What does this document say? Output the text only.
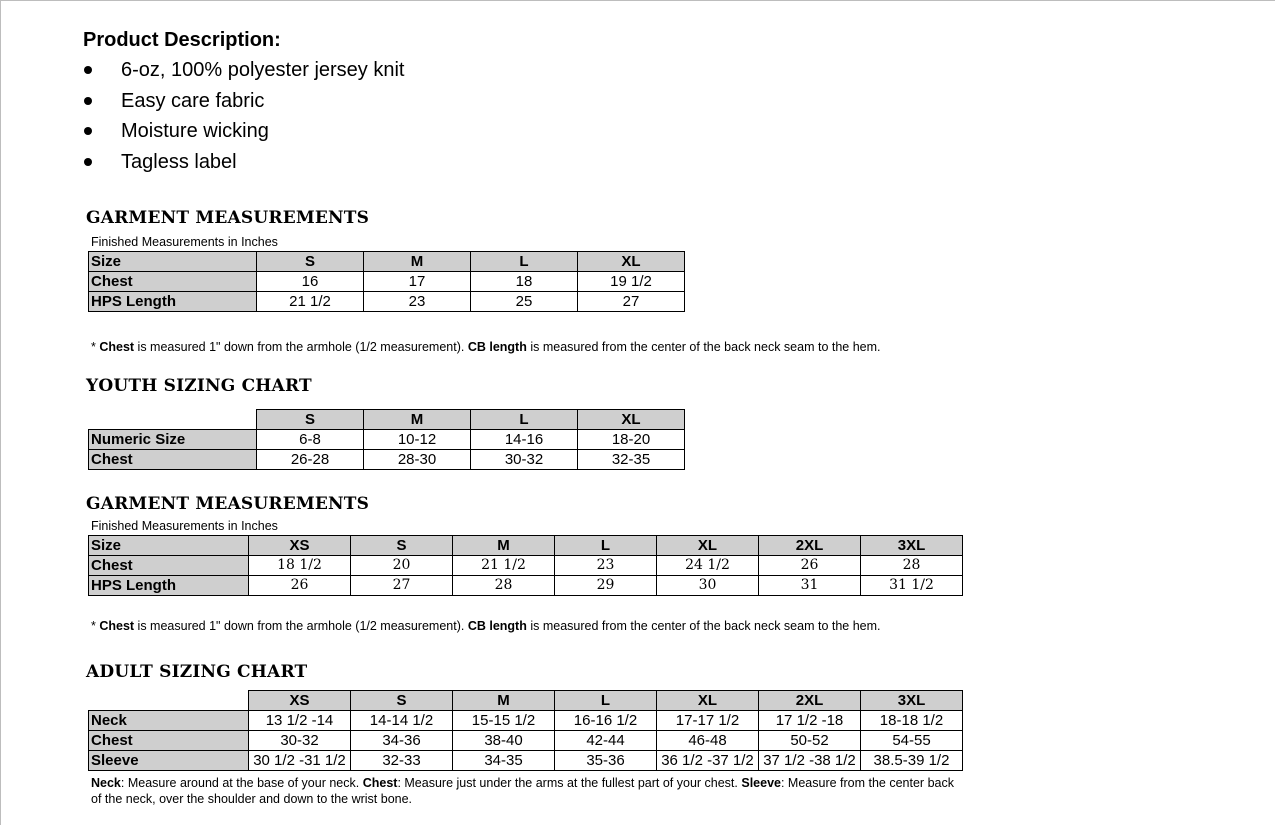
Product Description:
6-oz, 100% polyester jersey knit
Easy care fabric
Moisture wicking
Tagless label
GARMENT MEASUREMENTS
Finished Measurements in Inches
Size	S	M	L	XL
Chest	16	17	18	19 1/2
HPS Length	21 1/2	23	25	27
* Chest is measured 1" down from the armhole (1/2 measurement). CB length is measured from the center of the back neck seam to the hem.
YOUTH SIZING CHART
	S	M	L	XL
Numeric Size	6-8	10-12	14-16	18-20
Chest	26-28	28-30	30-32	32-35
GARMENT MEASUREMENTS
Finished Measurements in Inches
Size	XS	S	M	L	XL	2XL	3XL
Chest	18 1/2	20	21 1/2	23	24 1/2	26	28
HPS Length	26	27	28	29	30	31	31 1/2
* Chest is measured 1" down from the armhole (1/2 measurement). CB length is measured from the center of the back neck seam to the hem.
ADULT SIZING CHART
	XS	S	M	L	XL	2XL	3XL
Neck	13 1/2 -14	14-14 1/2	15-15 1/2	16-16 1/2	17-17 1/2	17 1/2 -18	18-18 1/2
Chest	30-32	34-36	38-40	42-44	46-48	50-52	54-55
Sleeve	30 1/2 -31 1/2	32-33	34-35	35-36	36 1/2 -37 1/2	37 1/2 -38 1/2	38.5-39 1/2
Neck: Measure around at the base of your neck. Chest: Measure just under the arms at the fullest part of your chest. Sleeve: Measure from the center back of the neck, over the shoulder and down to the wrist bone.
